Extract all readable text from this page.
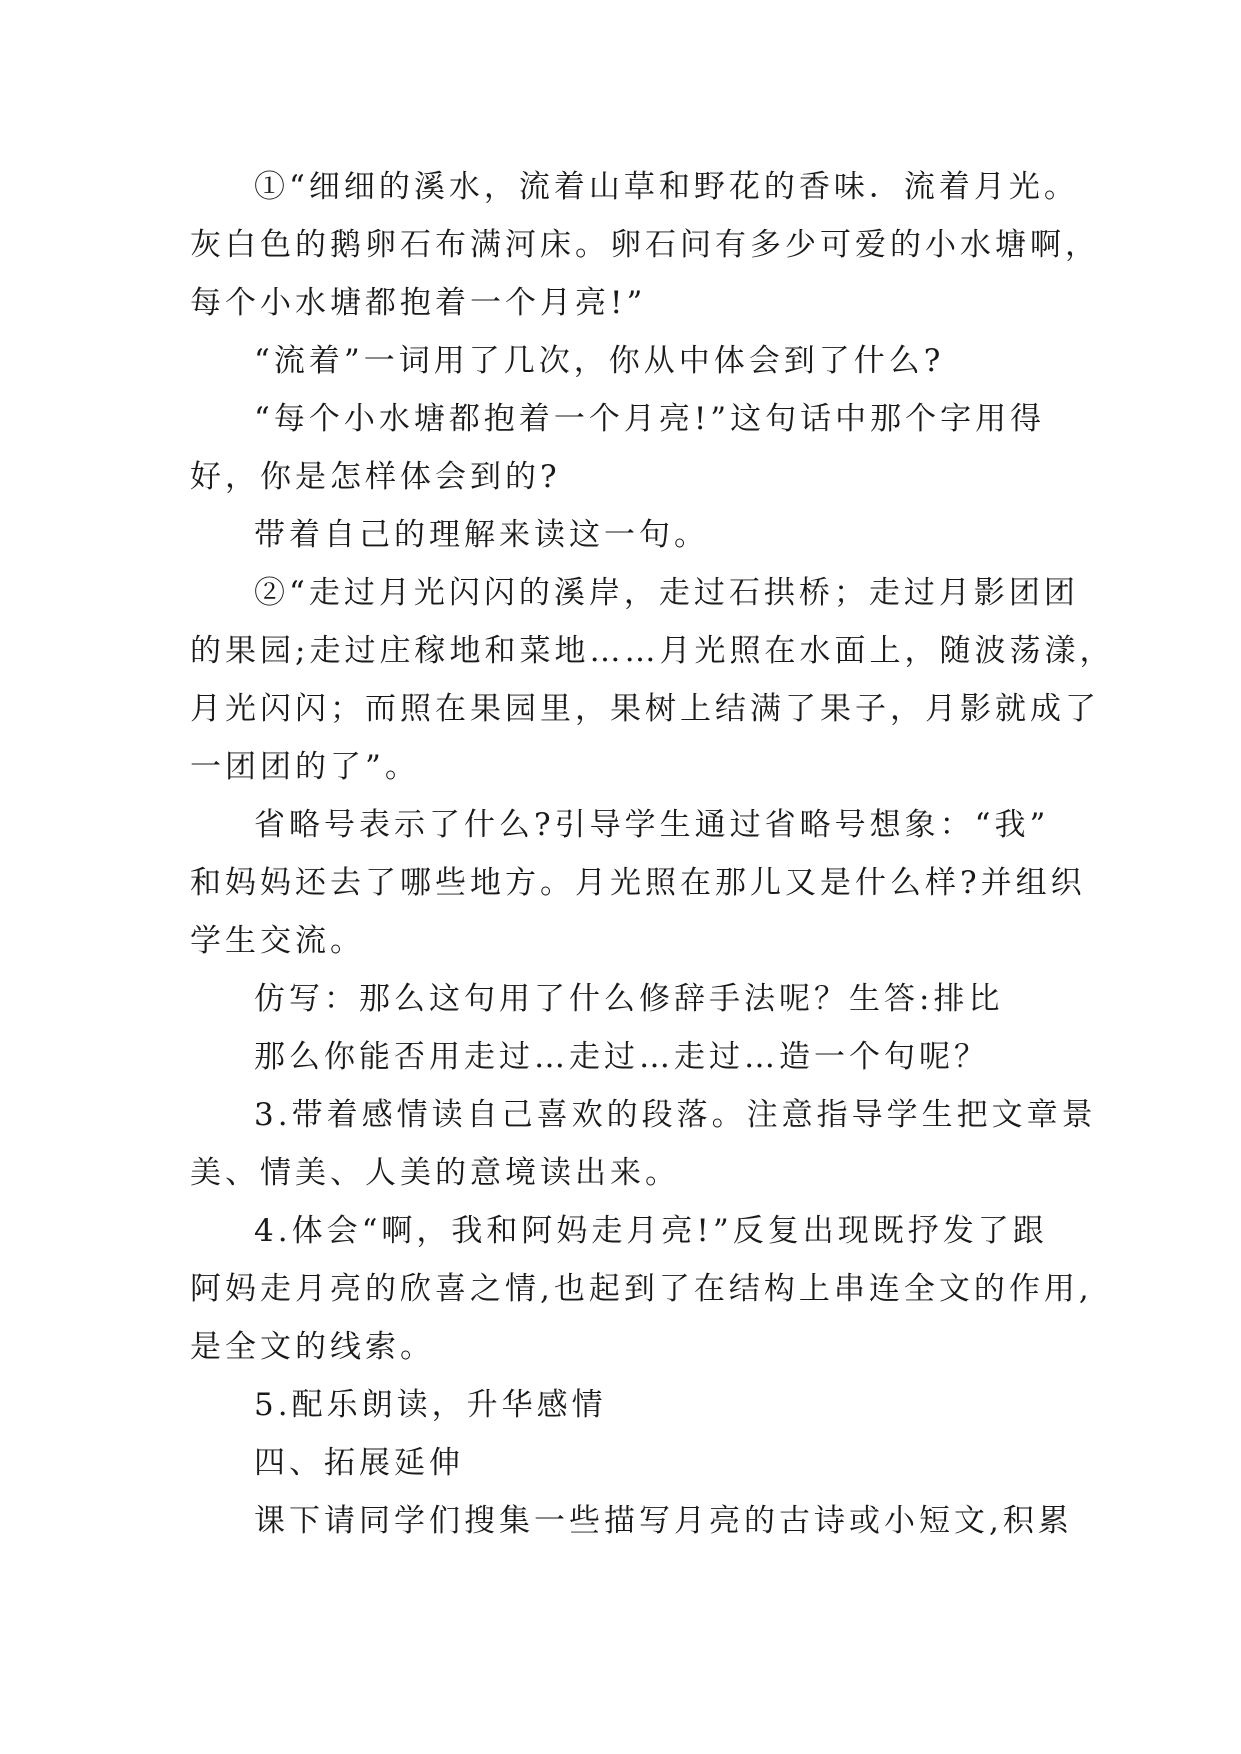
①“细细的溪水，流着山草和野花的香味．流着月光。
灰白色的鹅卵石布满河床。卵石问有多少可爱的小水塘啊，
每个小水塘都抱着一个月亮!”
“流着”一词用了几次，你从中体会到了什么?
“每个小水塘都抱着一个月亮!”这句话中那个字用得
好，你是怎样体会到的?
带着自己的理解来读这一句。
②“走过月光闪闪的溪岸，走过石拱桥；走过月影团团
的果园;走过庄稼地和菜地……月光照在水面上，随波荡漾，
月光闪闪；而照在果园里，果树上结满了果子，月影就成了
一团团的了”。
省略号表示了什么?引导学生通过省略号想象：“我”
和妈妈还去了哪些地方。月光照在那儿又是什么样?并组织
学生交流。
仿写：那么这句用了什么修辞手法呢？生答:排比
那么你能否用走过…走过…走过…造一个句呢？
3.带着感情读自己喜欢的段落。注意指导学生把文章景
美、情美、人美的意境读出来。
4.体会“啊，我和阿妈走月亮!”反复出现既抒发了跟
阿妈走月亮的欣喜之情,也起到了在结构上串连全文的作用,
是全文的线索。
5.配乐朗读，升华感情
四、拓展延伸
课下请同学们搜集一些描写月亮的古诗或小短文,积累
